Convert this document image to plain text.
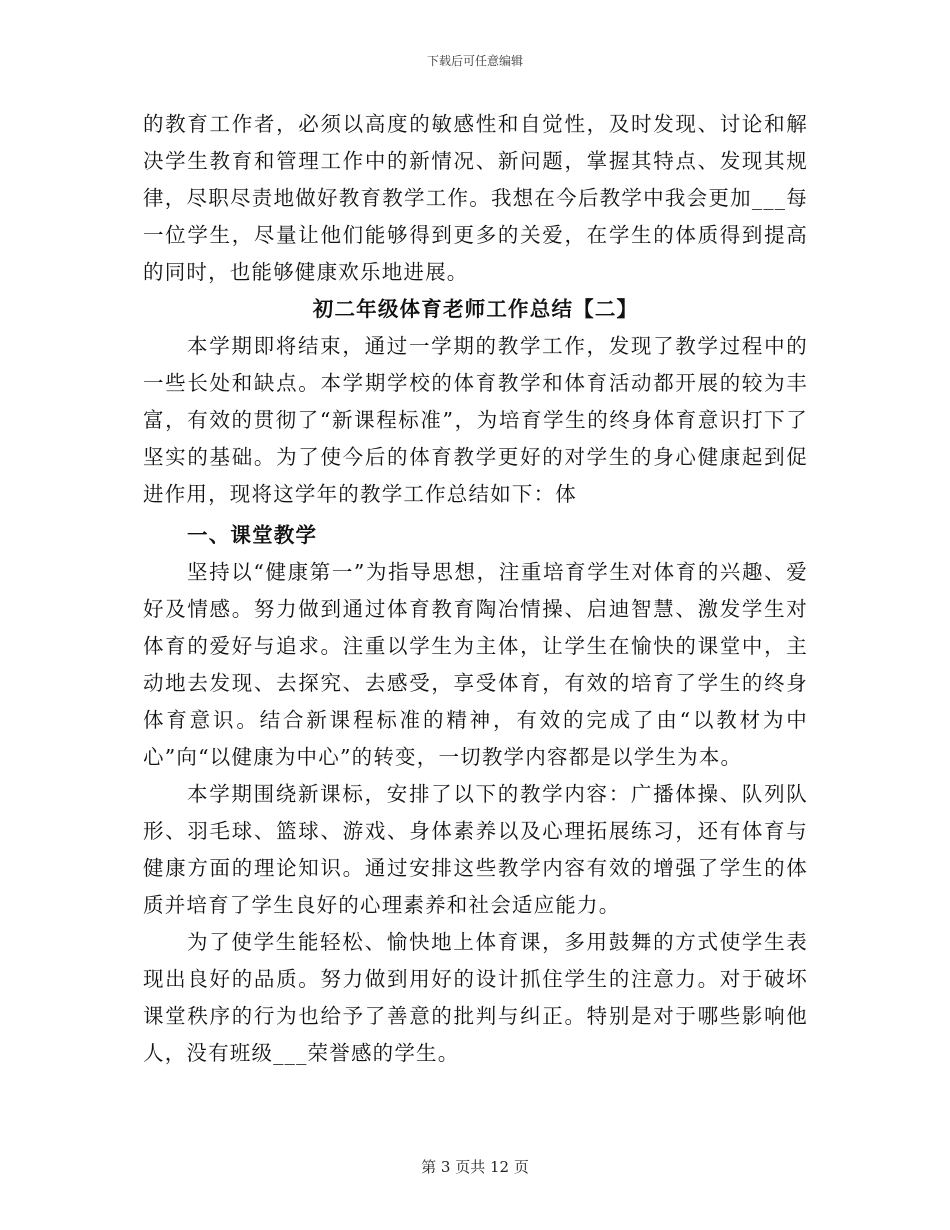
下载后可任意编辑

的教育工作者，必须以高度的敏感性和自觉性，及时发现、讨论和解决学生教育和管理工作中的新情况、新问题，掌握其特点、发现其规律，尽职尽责地做好教育教学工作。我想在今后教学中我会更加___每一位学生，尽量让他们能够得到更多的关爱，在学生的体质得到提高的同时，也能够健康欢乐地进展。

初二年级体育老师工作总结【二】

本学期即将结束，通过一学期的教学工作，发现了教学过程中的一些长处和缺点。本学期学校的体育教学和体育活动都开展的较为丰富，有效的贯彻了“新课程标准”，为培育学生的终身体育意识打下了坚实的基础。为了使今后的体育教学更好的对学生的身心健康起到促进作用，现将这学年的教学工作总结如下：体

一、课堂教学

坚持以“健康第一”为指导思想，注重培育学生对体育的兴趣、爱好及情感。努力做到通过体育教育陶冶情操、启迪智慧、激发学生对体育的爱好与追求。注重以学生为主体，让学生在愉快的课堂中，主动地去发现、去探究、去感受，享受体育，有效的培育了学生的终身体育意识。结合新课程标准的精神，有效的完成了由“以教材为中心”向“以健康为中心”的转变，一切教学内容都是以学生为本。

本学期围绕新课标，安排了以下的教学内容：广播体操、队列队形、羽毛球、篮球、游戏、身体素养以及心理拓展练习，还有体育与健康方面的理论知识。通过安排这些教学内容有效的增强了学生的体质并培育了学生良好的心理素养和社会适应能力。

为了使学生能轻松、愉快地上体育课，多用鼓舞的方式使学生表现出良好的品质。努力做到用好的设计抓住学生的注意力。对于破坏课堂秩序的行为也给予了善意的批判与纠正。特别是对于哪些影响他人，没有班级___荣誉感的学生。

第 3 页共 12 页
